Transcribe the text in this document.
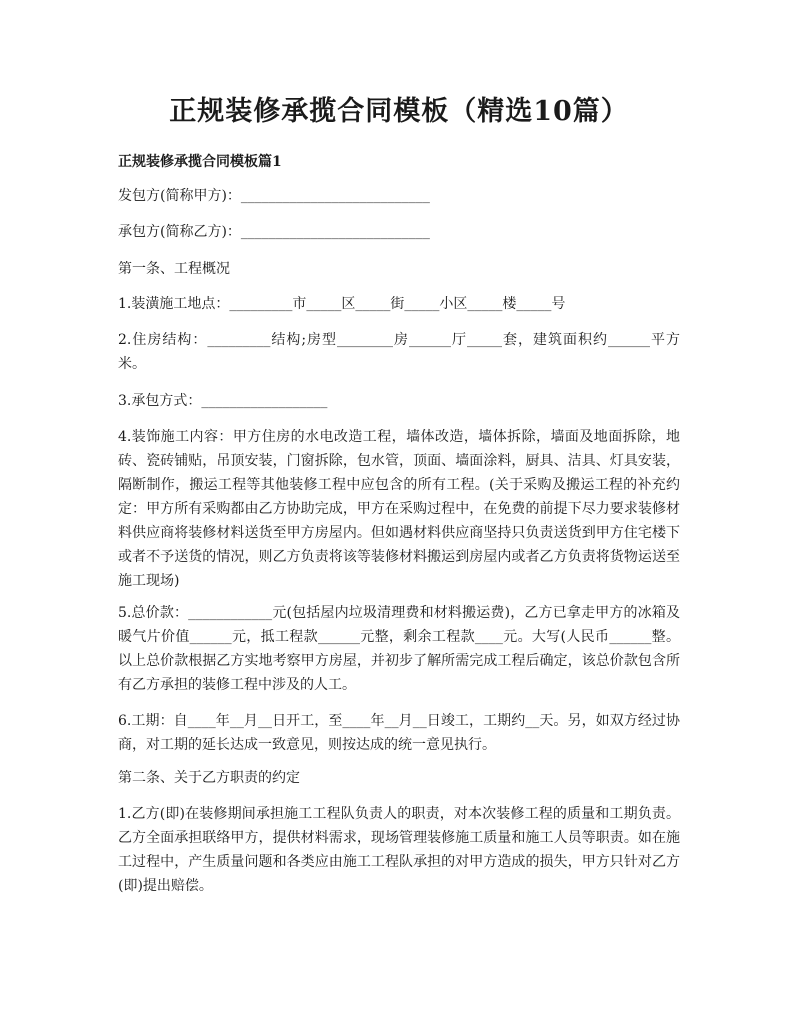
正规装修承揽合同模板（精选10篇）
正规装修承揽合同模板篇1
发包方(简称甲方)：___________________________
承包方(简称乙方)：___________________________
第一条、工程概况
1.装潢施工地点：_________市_____区_____街_____小区_____楼_____号
2.住房结构：_________结构;房型________房______厅_____套，建筑面积约______平方米。
3.承包方式：__________________
4.装饰施工内容：甲方住房的水电改造工程，墙体改造，墙体拆除，墙面及地面拆除，地砖、瓷砖铺贴，吊顶安装，门窗拆除，包水管，顶面、墙面涂料，厨具、洁具、灯具安装，隔断制作，搬运工程等其他装修工程中应包含的所有工程。(关于采购及搬运工程的补充约定：甲方所有采购都由乙方协助完成，甲方在采购过程中，在免费的前提下尽力要求装修材料供应商将装修材料送货至甲方房屋内。但如遇材料供应商坚持只负责送货到甲方住宅楼下或者不予送货的情况，则乙方负责将该等装修材料搬运到房屋内或者乙方负责将货物运送至施工现场)
5.总价款：____________元(包括屋内垃圾清理费和材料搬运费)，乙方已拿走甲方的冰箱及暖气片价值______元，抵工程款______元整，剩余工程款____元。大写(人民币______整。以上总价款根据乙方实地考察甲方房屋，并初步了解所需完成工程后确定，该总价款包含所有乙方承担的装修工程中涉及的人工。
6.工期：自____年__月__日开工，至____年__月__日竣工，工期约__天。另，如双方经过协商，对工期的延长达成一致意见，则按达成的统一意见执行。
第二条、关于乙方职责的约定
1.乙方(即)在装修期间承担施工工程队负责人的职责，对本次装修工程的质量和工期负责。乙方全面承担联络甲方，提供材料需求，现场管理装修施工质量和施工人员等职责。如在施工过程中，产生质量问题和各类应由施工工程队承担的对甲方造成的损失，甲方只针对乙方(即)提出赔偿。
